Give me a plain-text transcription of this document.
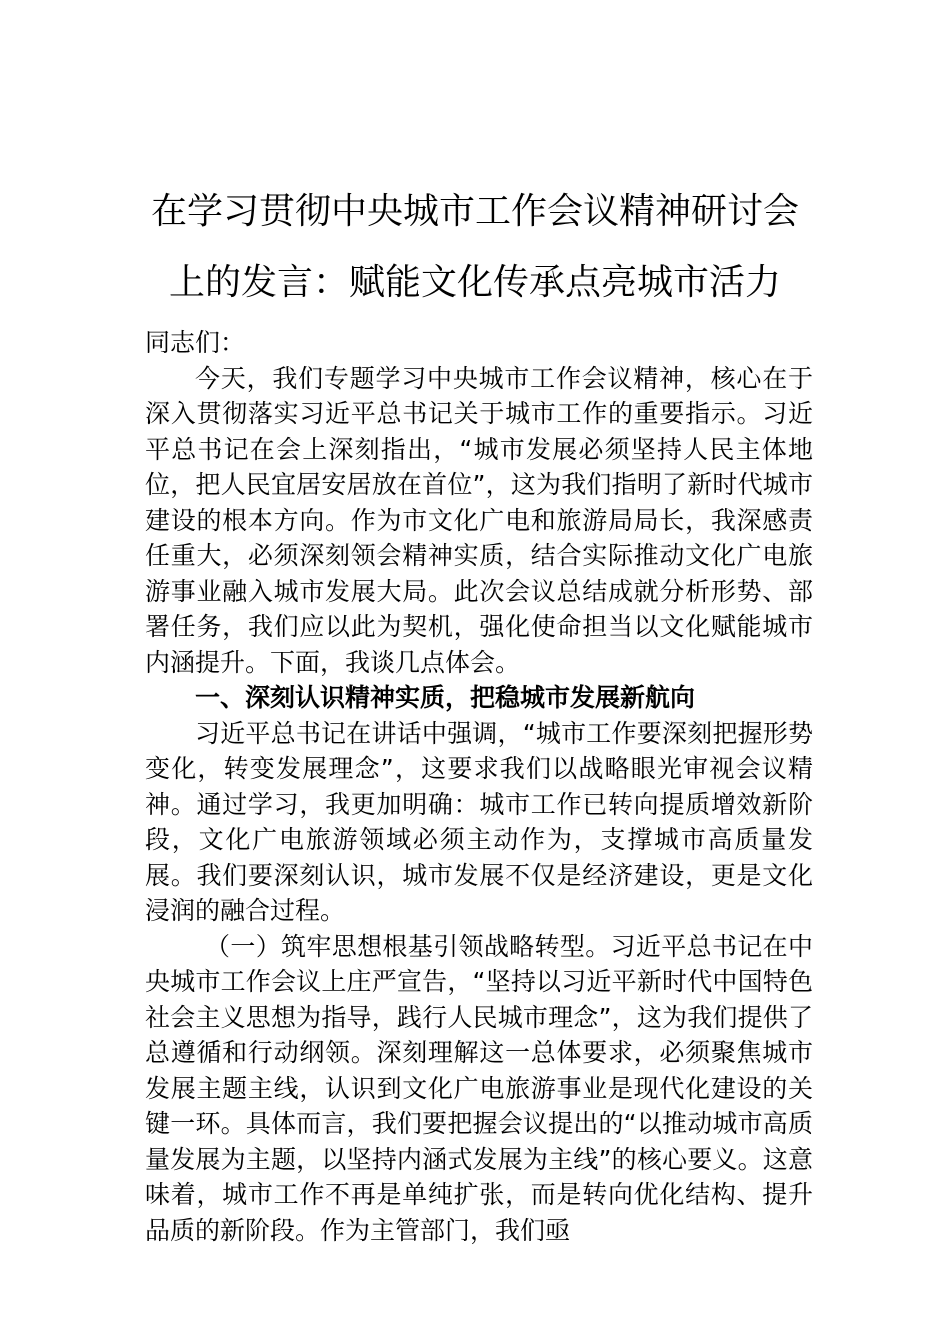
在学习贯彻中央城市工作会议精神研讨会
上的发言：赋能文化传承点亮城市活力

同志们：

今天，我们专题学习中央城市工作会议精神，核心在于深入贯彻落实习近平总书记关于城市工作的重要指示。习近平总书记在会上深刻指出，“城市发展必须坚持人民主体地位，把人民宜居安居放在首位”，这为我们指明了新时代城市建设的根本方向。作为市文化广电和旅游局局长，我深感责任重大，必须深刻领会精神实质，结合实际推动文化广电旅游事业融入城市发展大局。此次会议总结成就分析形势、部署任务，我们应以此为契机，强化使命担当以文化赋能城市内涵提升。下面，我谈几点体会。

一、深刻认识精神实质，把稳城市发展新航向

习近平总书记在讲话中强调，“城市工作要深刻把握形势变化，转变发展理念”，这要求我们以战略眼光审视会议精神。通过学习，我更加明确：城市工作已转向提质增效新阶段，文化广电旅游领域必须主动作为，支撑城市高质量发展。我们要深刻认识，城市发展不仅是经济建设，更是文化浸润的融合过程。

（一）筑牢思想根基引领战略转型。习近平总书记在中央城市工作会议上庄严宣告，“坚持以习近平新时代中国特色社会主义思想为指导，践行人民城市理念”，这为我们提供了总遵循和行动纲领。深刻理解这一总体要求，必须聚焦城市发展主题主线，认识到文化广电旅游事业是现代化建设的关键一环。具体而言，我们要把握会议提出的“以推动城市高质量发展为主题，以坚持内涵式发展为主线”的核心要义。这意味着，城市工作不再是单纯扩张，而是转向优化结构、提升品质的新阶段。作为主管部门，我们亟
